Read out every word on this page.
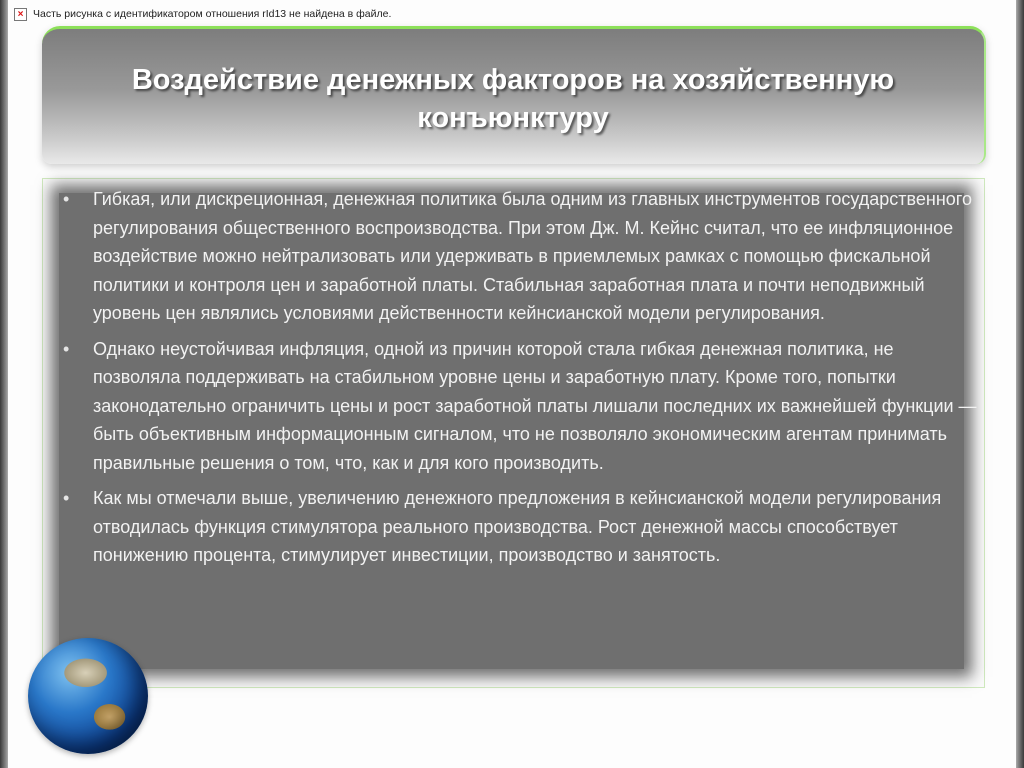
× Часть рисунка с идентификатором отношения rId13 не найдена в файле.
Воздействие денежных факторов на хозяйственную конъюнктуру
• Гибкая, или дискреционная, денежная политика была одним из главных инструментов государственного регулирования общественного воспроизводства. При этом Дж. М. Кейнс считал, что ее инфляционное воздействие можно нейтрализовать или удерживать в приемлемых рамках с помощью фискальной политики и контроля цен и заработной платы. Стабильная заработная плата и почти неподвижный уровень цен являлись условиями действенности кейнсианской модели регулирования.
• Однако неустойчивая инфляция, одной из причин которой стала гибкая денежная политика, не позволяла поддерживать на стабильном уровне цены и заработную плату. Кроме того, попытки законодательно ограничить цены и рост заработной платы лишали последних их важнейшей функции — быть объективным информационным сигналом, что не позволяло экономическим агентам принимать правильные решения о том, что, как и для кого производить.
• Как мы отмечали выше, увеличению денежного предложения в кейнсианской модели регулирования отводилась функция стимулятора реального производства. Рост денежной массы способствует понижению процента, стимулирует инвестиции, производство и занятость.
